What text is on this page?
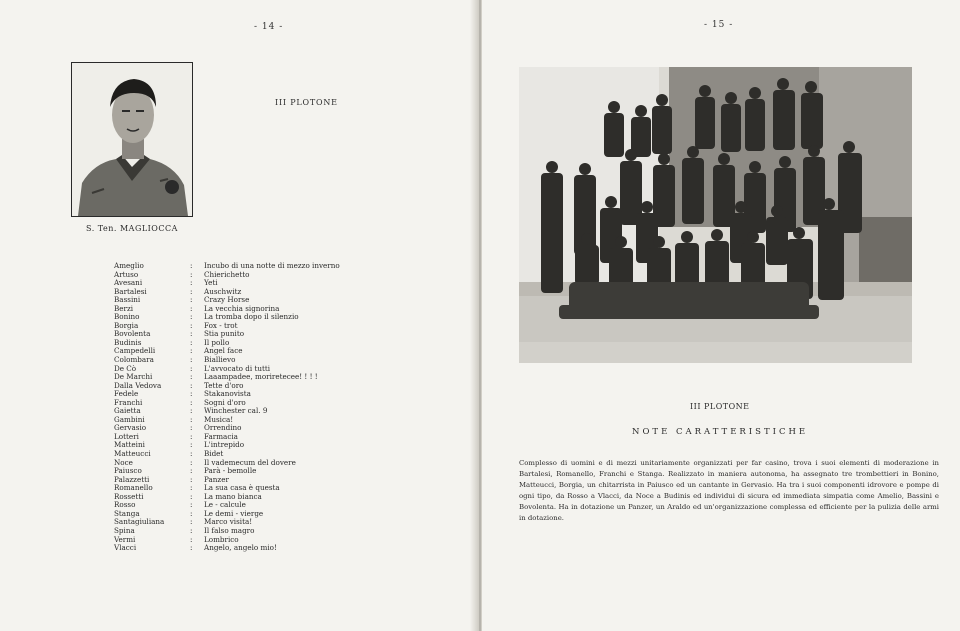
- 14 -
S. Ten. MAGLIOCCA
III PLOTONE
Ameglio	:	Incubo di una notte di mezzo inverno
Artuso	:	Chierichetto
Avesani	:	Yeti
Bartalesi	:	Auschwitz
Bassini	:	Crazy Horse
Berzi	:	La vecchia signorina
Bonino	:	La tromba dopo il silenzio
Borgia	:	Fox - trot
Bovolenta	:	Stia punito
Budinis	:	Il pollo
Campedelli	:	Angel face
Colombara	:	Biallievo
De Cò	:	L'avvocato di tutti
De Marchi	:	Laaampadee, moriretecee! ! ! !
Dalla Vedova	:	Tette d'oro
Fedele	:	Stakanovista
Franchi	:	Sogni d'oro
Gaietta	:	Winchester cal. 9
Gambini	:	Musica!
Gervasio	:	Orrendino
Lotteri	:	Farmacia
Matteini	:	L'intrepido
Matteucci	:	Bidet
Noce	:	Il vademecum del dovere
Paiusco	:	Parà - bemolle
Palazzetti	:	Panzer
Romanello	:	La sua casa è questa
Rossetti	:	La mano bianca
Rosso	:	Le - calcule
Stanga	:	Le demi - vierge
Santagiuliana	:	Marco visita!
Spina	:	Il falso magro
Vermi	:	Lombrico
Vlacci	:	Angelo, angelo mio!
- 15 -
III PLOTONE
NOTE CARATTERISTICHE
Complesso di uomini e di mezzi unitariamente organizzati per far casino, trova i suoi elementi di moderazione in Bartalesi, Romanello, Franchi e Stanga. Realizzato in maniera autonoma, ha assegnato tre trombettieri in Bonino, Matteucci, Borgia, un chitarrista in Paiusco ed un cantante in Gervasio. Ha tra i suoi componenti idrovore e pompe di ogni tipo, da Rosso a Vlacci, da Noce a Budinis ed individui di sicura ed immediata simpatia come Amelio, Bassini e Bovolenta. Ha in dotazione un Panzer, un Araldo ed un'organizzazione complessa ed efficiente per la pulizia delle armi in dotazione.
